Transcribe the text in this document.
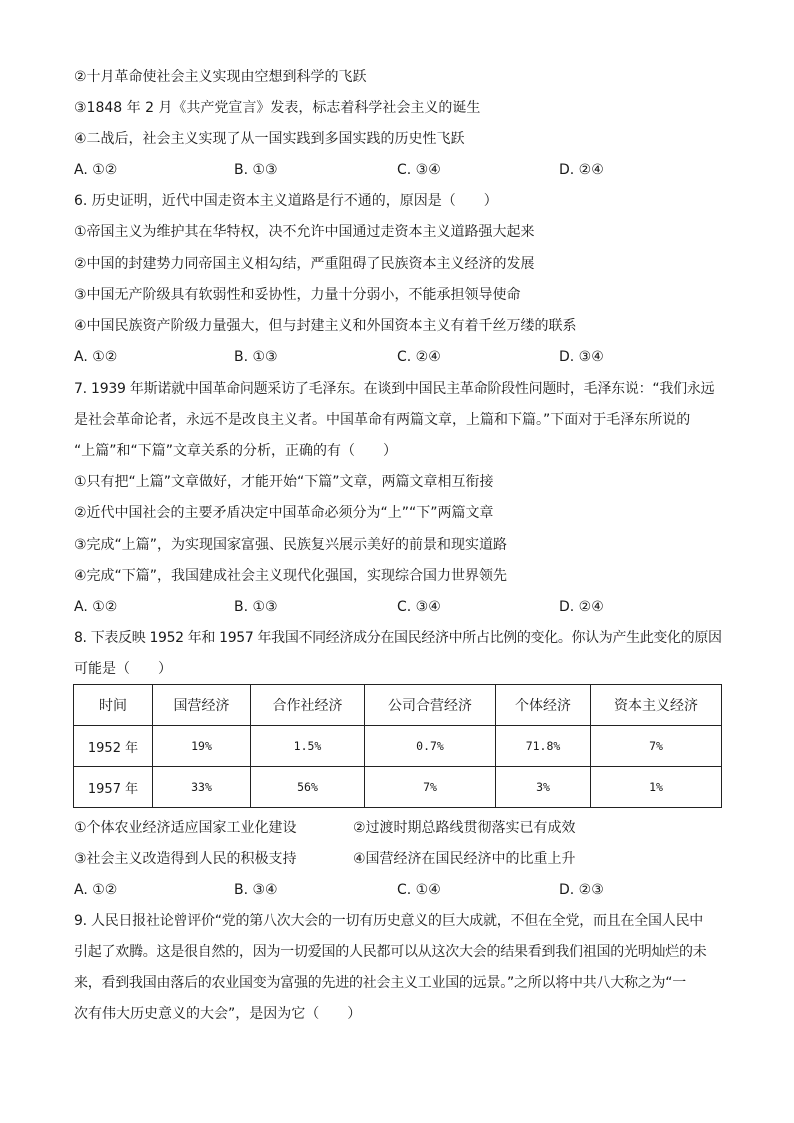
②十月革命使社会主义实现由空想到科学的飞跃
③1848 年 2 月《共产党宣言》发表，标志着科学社会主义的诞生
④二战后，社会主义实现了从一国实践到多国实践的历史性飞跃
A. ①②	B. ①③	C. ③④	D. ②④
6. 历史证明，近代中国走资本主义道路是行不通的，原因是（　　）
①帝国主义为维护其在华特权，决不允许中国通过走资本主义道路强大起来
②中国的封建势力同帝国主义相勾结，严重阻碍了民族资本主义经济的发展
③中国无产阶级具有软弱性和妥协性，力量十分弱小，不能承担领导使命
④中国民族资产阶级力量强大，但与封建主义和外国资本主义有着千丝万缕的联系
A. ①②	B. ①③	C. ②④	D. ③④
7. 1939 年斯诺就中国革命问题采访了毛泽东。在谈到中国民主革命阶段性问题时，毛泽东说：“我们永远
是社会革命论者，永远不是改良主义者。中国革命有两篇文章，上篇和下篇。”下面对于毛泽东所说的
“上篇”和“下篇”文章关系的分析，正确的有（　　）
①只有把“上篇”文章做好，才能开始“下篇”文章，两篇文章相互衔接
②近代中国社会的主要矛盾决定中国革命必须分为“上”“下”两篇文章
③完成“上篇”，为实现国家富强、民族复兴展示美好的前景和现实道路
④完成“下篇”，我国建成社会主义现代化强国，实现综合国力世界领先
A. ①②	B. ①③	C. ③④	D. ②④
8. 下表反映 1952 年和 1957 年我国不同经济成分在国民经济中所占比例的变化。你认为产生此变化的原因
可能是（　　）
时间	国营经济	合作社经济	公司合营经济	个体经济	资本主义经济
1952 年	19%	1.5%	0.7%	71.8%	7%
1957 年	33%	56%	7%	3%	1%
①个体农业经济适应国家工业化建设	②过渡时期总路线贯彻落实已有成效
③社会主义改造得到人民的积极支持	④国营经济在国民经济中的比重上升
A. ①②	B. ③④	C. ①④	D. ②③
9. 人民日报社论曾评价“党的第八次大会的一切有历史意义的巨大成就，不但在全党，而且在全国人民中
引起了欢腾。这是很自然的，因为一切爱国的人民都可以从这次大会的结果看到我们祖国的光明灿烂的未
来，看到我国由落后的农业国变为富强的先进的社会主义工业国的远景。”之所以将中共八大称之为“一
次有伟大历史意义的大会”，是因为它（　　）
